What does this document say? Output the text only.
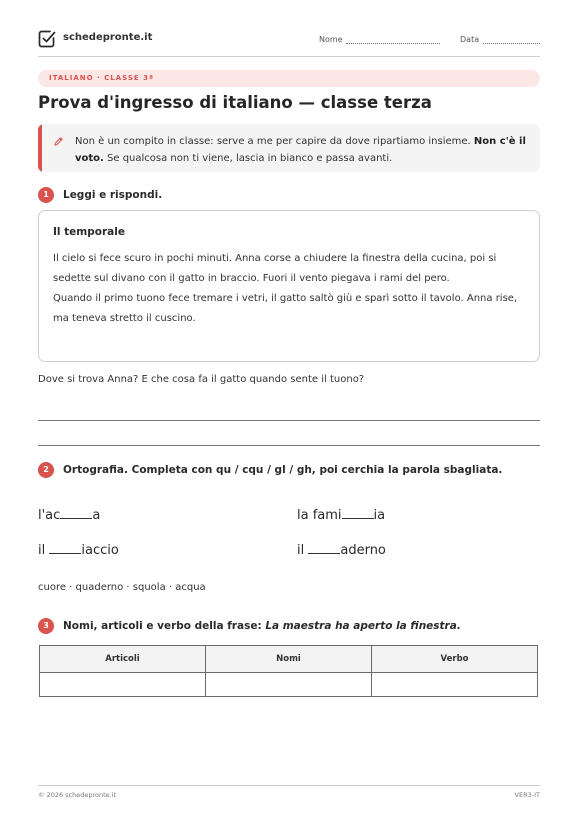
schedepronte.it	Nome	Data
ITALIANO · CLASSE 3ª
Prova d'ingresso di italiano — classe terza
Non è un compito in classe: serve a me per capire da dove ripartiamo insieme. Non c'è il voto. Se qualcosa non ti viene, lascia in bianco e passa avanti.
1	Leggi e rispondi.
Il temporale

Il cielo si fece scuro in pochi minuti. Anna corse a chiudere la finestra della cucina, poi si sedette sul divano con il gatto in braccio. Fuori il vento piegava i rami del pero.

Quando il primo tuono fece tremare i vetri, il gatto saltò giù e sparì sotto il tavolo. Anna rise, ma teneva stretto il cuscino.

Dove si trova Anna? E che cosa fa il gatto quando sente il tuono?
2	Ortografia. Completa con qu / cqu / gl / gh, poi cerchia la parola sbagliata.
l'ac a	la fami ia
il iaccio	il aderno
cuore · quaderno · squola · acqua
3	Nomi, articoli e verbo della frase: La maestra ha aperto la finestra.
Articoli	Nomi	Verbo

© 2026 schedepronte.it	VER3-IT
